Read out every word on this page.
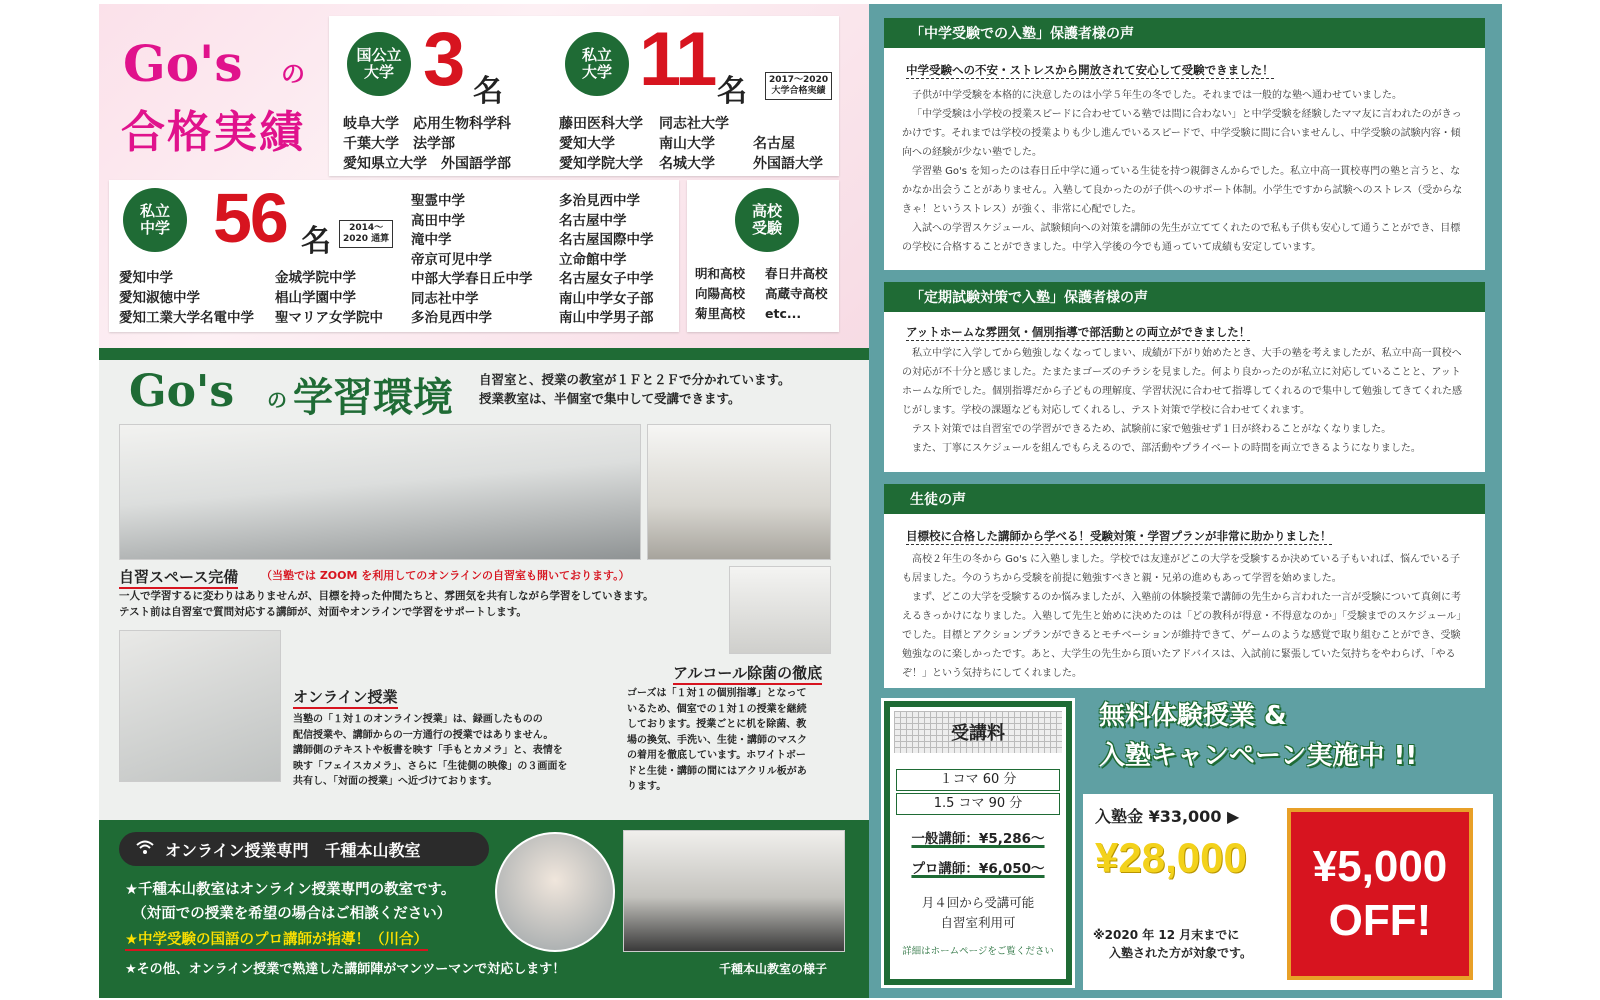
Go's の
合格実績
国公立
大学 3 名
岐阜大学　応用生物科学科
千葉大学　法学部
愛知県立大学　外国語学部
私立
大学 11 名 2017〜2020
大学合格実績
藤田医科大学
愛知大学
愛知学院大学
同志社大学
南山大学
名城大学
名古屋
外国語大学
私立
中学 56 名	2014〜
2020 通算
愛知中学
愛知淑徳中学
愛知工業大学名電中学
金城学院中学
椙山学園中学
聖マリア女学院中
聖霊中学
高田中学
滝中学
帝京可児中学
中部大学春日丘中学
同志社中学
多治見西中学
多治見西中学
名古屋中学
名古屋国際中学
立命館中学
名古屋女子中学
南山中学女子部
南山中学男子部
高校
受験
明和高校
向陽高校
菊里高校
春日井高校
高蔵寺高校
etc...
Go's の 学習環境 自習室と、授業の教室が１Ｆと２Ｆで分かれています。
授業教室は、半個室で集中して受講できます。
自習スペース完備 （当塾では ZOOM を利用してのオンラインの自習室も開いております。）
一人で学習するに変わりはありませんが、目標を持った仲間たちと、雰囲気を共有しながら学習をしていきます。
テスト前は自習室で質問対応する講師が、対面やオンラインで学習をサポートします。
オンライン授業
当塾の「１対１のオンライン授業」は、録画したものの
配信授業や、講師からの一方通行の授業ではありません。
講師側のテキストや板書を映す「手もとカメラ」と、表情を
映す「フェイスカメラ」、さらに「生徒側の映像」の３画面を
共有し、「対面の授業」へ近づけております。
アルコール除菌の徹底
ゴーズは「１対１の個別指導」となって
いるため、個室での１対１の授業を継続
しております。授業ごとに机を除菌、教
場の換気、手洗い、生徒・講師のマスク
の着用を徹底しています。ホワイトボー
ドと生徒・講師の間にはアクリル板があ
ります。
オンライン授業専門　千種本山教室
★千種本山教室はオンライン授業専門の教室です。
　（対面での授業を希望の場合はご相談ください）
★中学受験の国語のプロ講師が指導！（川合）
★その他、オンライン授業で熟達した講師陣がマンツーマンで対応します！	千種本山教室の様子
「中学受験での入塾」保護者様の声
中学受験への不安・ストレスから開放されて安心して受験できました！

子供が中学受験を本格的に決意したのは小学５年生の冬でした。それまでは一般的な塾へ通わせていました。

「中学受験は小学校の授業スピードに合わせている塾では間に合わない」と中学受験を経験したママ友に言われたのがきっかけです。それまでは学校の授業よりも少し進んでいるスピードで、中学受験に間に合いませんし、中学受験の試験内容・傾向への経験が少ない塾でした。

学習塾 Go's を知ったのは春日丘中学に通っている生徒を持つ親御さんからでした。私立中高一貫校専門の塾と言うと、なかなか出会うことがありません。入塾して良かったのが子供へのサポート体制。小学生ですから試験へのストレス（受からなきゃ！というストレス）が強く、非常に心配でした。

入試への学習スケジュール、試験傾向への対策を講師の先生が立ててくれたので私も子供も安心して通うことができ、目標の学校に合格することができました。中学入学後の今でも通っていて成績も安定しています。

「定期試験対策で入塾」保護者様の声
アットホームな雰囲気・個別指導で部活動との両立ができました！

私立中学に入学してから勉強しなくなってしまい、成績が下がり始めたとき、大手の塾を考えましたが、私立中高一貫校への対応が不十分と感じました。たまたまゴーズのチラシを見ました。何より良かったのが私立に対応していることと、アットホームな所でした。個別指導だから子どもの理解度、学習状況に合わせて指導してくれるので集中して勉強してきてくれた感じがします。学校の課題なども対応してくれるし、テスト対策で学校に合わせてくれます。

テスト対策では自習室での学習ができるため、試験前に家で勉強せず１日が終わることがなくなりました。

また、丁寧にスケジュールを組んでもらえるので、部活動やプライベートの時間を両立できるようになりました。

生徒の声
目標校に合格した講師から学べる！受験対策・学習プランが非常に助かりました！

高校２年生の冬から Go's に入塾しました。学校では友達がどこの大学を受験するか決めている子もいれば、悩んでいる子も居ました。今のうちから受験を前提に勉強すべきと親・兄弟の進めもあって学習を始めました。

まず、どこの大学を受験するのか悩みましたが、入塾前の体験授業で講師の先生から言われた一言が受験について真剣に考えるきっかけになりました。入塾して先生と始めに決めたのは「どの教科が得意・不得意なのか」「受験までのスケジュール」でした。目標とアクションプランができるとモチベーションが維持できて、ゲームのような感覚で取り組むことができ、受験勉強なのに楽しかったです。あと、大学生の先生から頂いたアドバイスは、入試前に緊張していた気持ちをやわらげ、「やるぞ！」という気持ちにしてくれました。

受講料
１コマ 60 分
1.5 コマ 90 分
一般講師：¥5,286〜
プロ講師：¥6,050〜
月４回から受講可能
自習室利用可
詳細はホームページをご覧ください
無料体験授業 &
入塾キャンペーン実施中 !!
入塾金 ¥33,000 ▶
¥28,000
※2020 年 12 月末までに
入塾された方が対象です。
¥5,000
OFF!
